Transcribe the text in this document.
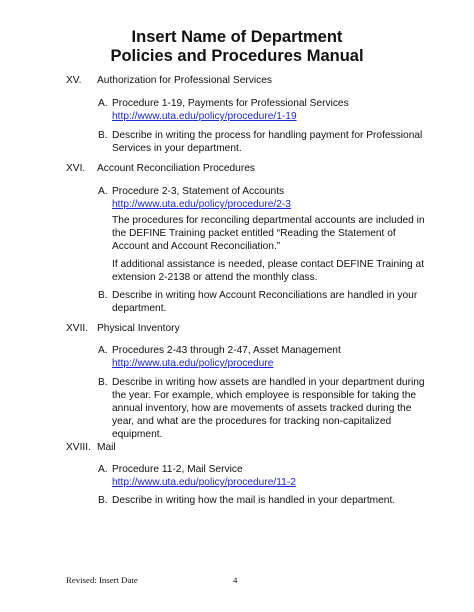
Insert Name of Department
Policies and Procedures Manual
XV. Authorization for Professional Services
A. Procedure 1-19, Payments for Professional Services
http://www.uta.edu/policy/procedure/1-19
B. Describe in writing the process for handling payment for Professional
Services in your department.
XVI. Account Reconciliation Procedures
A. Procedure 2-3, Statement of Accounts
http://www.uta.edu/policy/procedure/2-3
The procedures for reconciling departmental accounts are included in
the DEFINE Training packet entitled “Reading the Statement of
Account and Account Reconciliation.”
If additional assistance is needed, please contact DEFINE Training at
extension 2-2138 or attend the monthly class.
B. Describe in writing how Account Reconciliations are handled in your
department.
XVII. Physical Inventory
A. Procedures 2-43 through 2-47, Asset Management
http://www.uta.edu/policy/procedure
B. Describe in writing how assets are handled in your department during
the year. For example, which employee is responsible for taking the
annual inventory, how are movements of assets tracked during the
year, and what are the procedures for tracking non-capitalized
equipment.
XVIII. Mail
A. Procedure 11-2, Mail Service
http://www.uta.edu/policy/procedure/11-2
B. Describe in writing how the mail is handled in your department.
Revised: Insert Date	4
